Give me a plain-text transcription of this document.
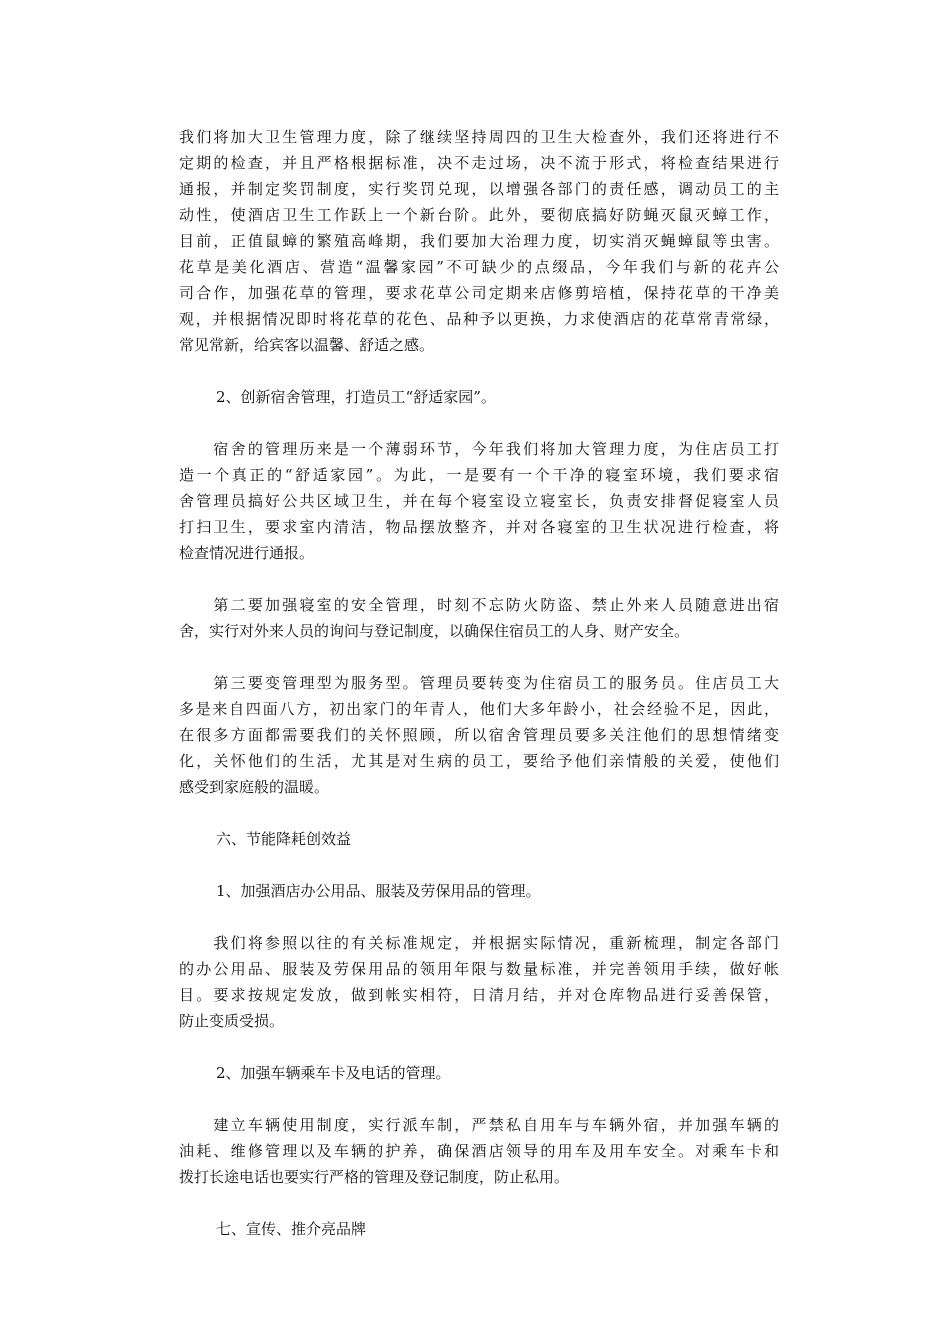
我们将加大卫生管理力度，除了继续坚持周四的卫生大检查外，我们还将进行不
定期的检查，并且严格根据标准，决不走过场，决不流于形式，将检查结果进行
通报，并制定奖罚制度，实行奖罚兑现，以增强各部门的责任感，调动员工的主
动性，使酒店卫生工作跃上一个新台阶。此外，要彻底搞好防蝇灭鼠灭蟑工作，
目前，正值鼠蟑的繁殖高峰期，我们要加大治理力度，切实消灭蝇蟑鼠等虫害。
花草是美化酒店、营造“温馨家园”不可缺少的点缀品，今年我们与新的花卉公
司合作，加强花草的管理，要求花草公司定期来店修剪培植，保持花草的干净美
观，并根据情况即时将花草的花色、品种予以更换，力求使酒店的花草常青常绿，
常见常新，给宾客以温馨、舒适之感。
2、创新宿舍管理，打造员工“舒适家园”。
　　宿舍的管理历来是一个薄弱环节，今年我们将加大管理力度，为住店员工打
造一个真正的“舒适家园”。为此，一是要有一个干净的寝室环境，我们要求宿
舍管理员搞好公共区域卫生，并在每个寝室设立寝室长，负责安排督促寝室人员
打扫卫生，要求室内清洁，物品摆放整齐，并对各寝室的卫生状况进行检查，将
检查情况进行通报。
　　第二要加强寝室的安全管理，时刻不忘防火防盗、禁止外来人员随意进出宿
舍，实行对外来人员的询问与登记制度，以确保住宿员工的人身、财产安全。
　　第三要变管理型为服务型。管理员要转变为住宿员工的服务员。住店员工大
多是来自四面八方，初出家门的年青人，他们大多年龄小，社会经验不足，因此，
在很多方面都需要我们的关怀照顾，所以宿舍管理员要多关注他们的思想情绪变
化，关怀他们的生活，尤其是对生病的员工，要给予他们亲情般的关爱，使他们
感受到家庭般的温暖。
六、节能降耗创效益
1、加强酒店办公用品、服装及劳保用品的管理。
　　我们将参照以往的有关标准规定，并根据实际情况，重新梳理，制定各部门
的办公用品、服装及劳保用品的领用年限与数量标准，并完善领用手续，做好帐
目。要求按规定发放，做到帐实相符，日清月结，并对仓库物品进行妥善保管，
防止变质受损。
2、加强车辆乘车卡及电话的管理。
　　建立车辆使用制度，实行派车制，严禁私自用车与车辆外宿，并加强车辆的
油耗、维修管理以及车辆的护养，确保酒店领导的用车及用车安全。对乘车卡和
拨打长途电话也要实行严格的管理及登记制度，防止私用。
七、宣传、推介亮品牌
